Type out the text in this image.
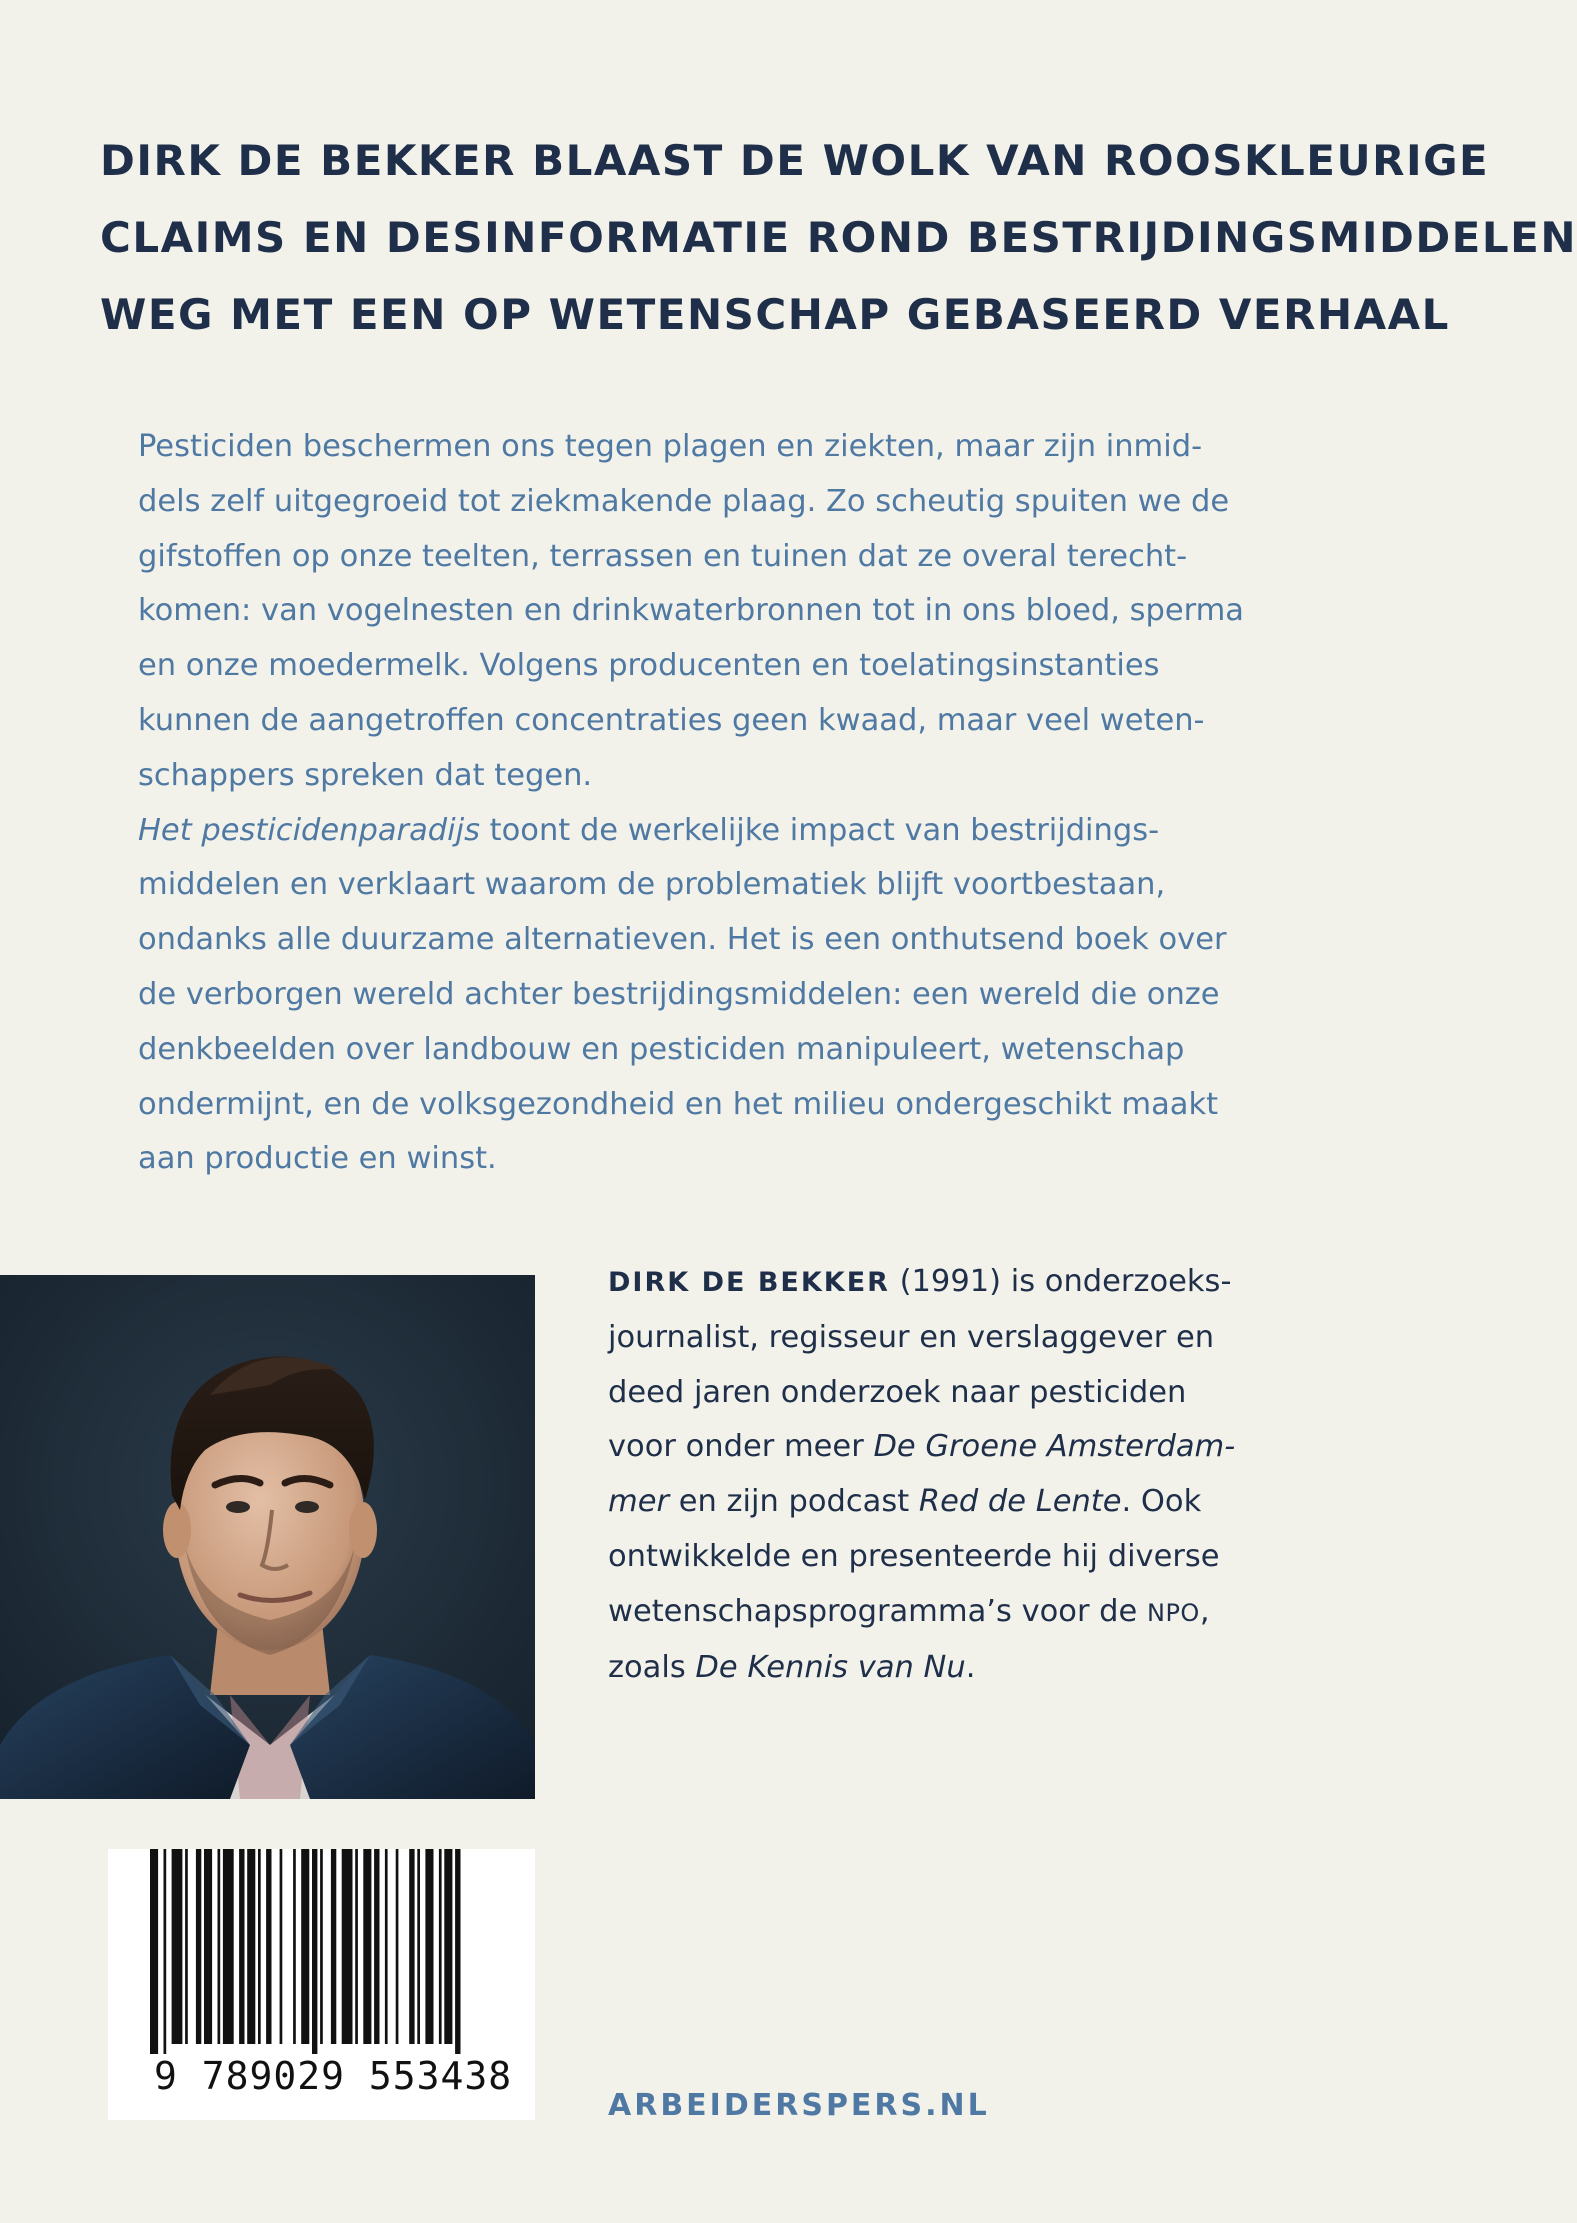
DIRK DE BEKKER BLAAST DE WOLK VAN ROOSKLEURIGE
CLAIMS EN DESINFORMATIE ROND BESTRIJDINGSMIDDELEN
WEG MET EEN OP WETENSCHAP GEBASEERD VERHAAL
Pesticiden beschermen ons tegen plagen en ziekten, maar zijn inmid-
dels zelf uitgegroeid tot ziekmakende plaag. Zo scheutig spuiten we de
gifstoffen op onze teelten, terrassen en tuinen dat ze overal terecht-
komen: van vogelnesten en drinkwaterbronnen tot in ons bloed, sperma
en onze moedermelk. Volgens producenten en toelatingsinstanties
kunnen de aangetroffen concentraties geen kwaad, maar veel weten-
schappers spreken dat tegen.
Het pesticidenparadijs toont de werkelijke impact van bestrijdings-
middelen en verklaart waarom de problematiek blijft voortbestaan,
ondanks alle duurzame alternatieven. Het is een onthutsend boek over
de verborgen wereld achter bestrijdingsmiddelen: een wereld die onze
denkbeelden over landbouw en pesticiden manipuleert, wetenschap
ondermijnt, en de volksgezondheid en het milieu ondergeschikt maakt
aan productie en winst.
DIRK DE BEKKER (1991) is onderzoeks-
journalist, regisseur en verslaggever en
deed jaren onderzoek naar pesticiden
voor onder meer De Groene Amsterdam-
mer en zijn podcast Red de Lente. Ook
ontwikkelde en presenteerde hij diverse
wetenschapsprogramma’s voor de NPO,
zoals De Kennis van Nu.
9 789029 553438
ARBEIDERSPERS.NL
